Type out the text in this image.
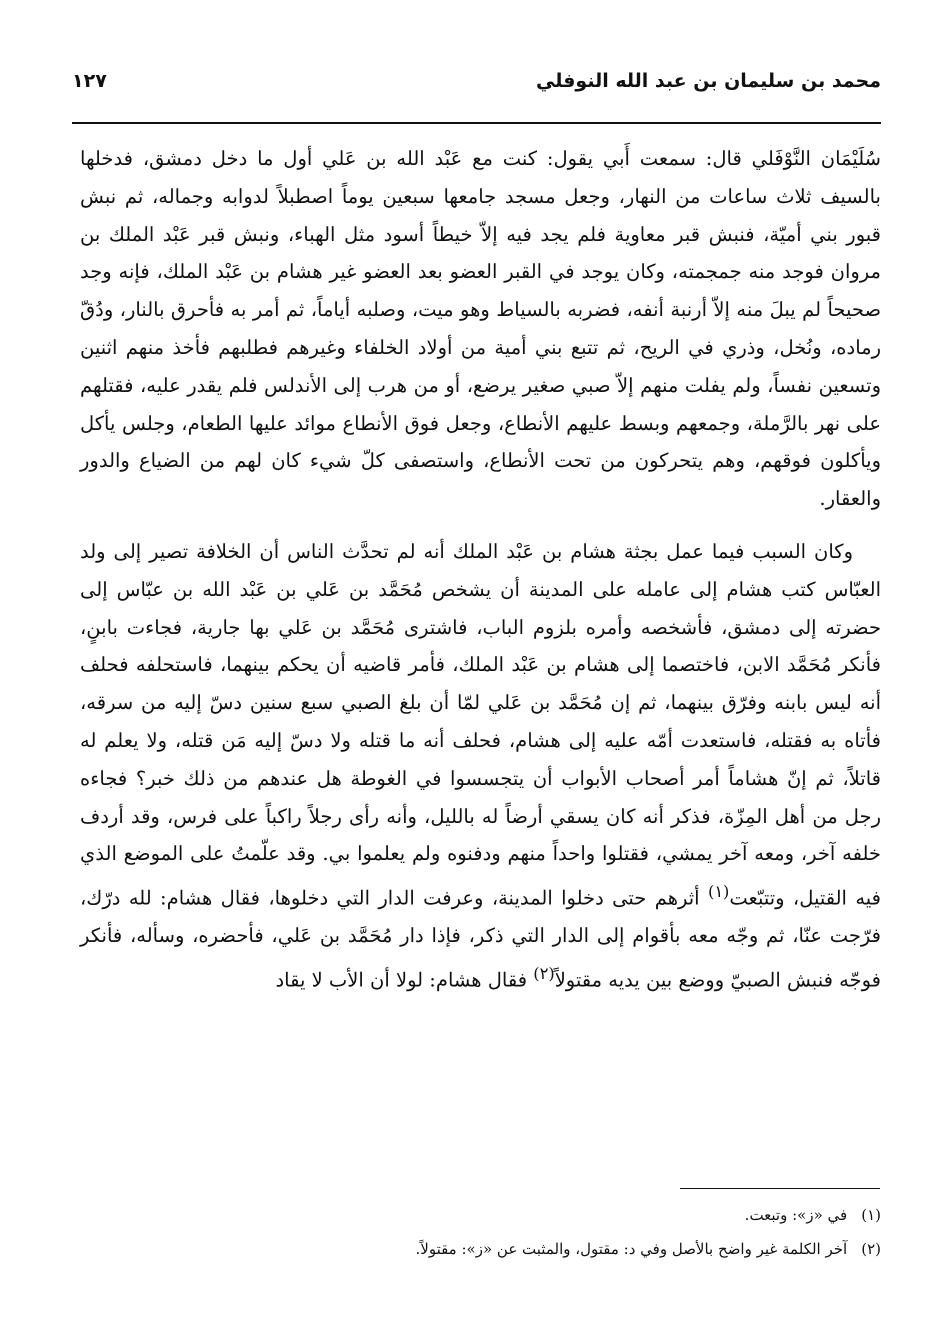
محمد بن سليمان بن عبد الله النوفلي
١٢٧

سُلَيْمَان النَّوْفَلي قال: سمعت أَبي يقول: كنت مع عَبْد الله بن عَلي أول ما دخل دمشق، فدخلها بالسيف ثلاث ساعات من النهار، وجعل مسجد جامعها سبعين يوماً اصطبلاً لدوابه وجماله، ثم نبش قبور بني أميّة، فنبش قبر معاوية فلم يجد فيه إلاّ خيطاً أسود مثل الهباء، ونبش قبر عَبْد الملك بن مروان فوجد منه جمجمته، وكان يوجد في القبر العضو بعد العضو غير هشام بن عَبْد الملك، فإنه وجد صحيحاً لم يبلَ منه إلاّ أرنبة أنفه، فضربه بالسياط وهو ميت، وصلبه أياماً، ثم أمر به فأحرق بالنار، ودُقّ رماده، ونُخل، وذري في الريح، ثم تتبع بني أمية من أولاد الخلفاء وغيرهم فطلبهم فأخذ منهم اثنين وتسعين نفساً، ولم يفلت منهم إلاّ صبي صغير يرضع، أو من هرب إلى الأندلس فلم يقدر عليه، فقتلهم على نهر بالرَّملة، وجمعهم وبسط عليهم الأنطاع، وجعل فوق الأنطاع موائد عليها الطعام، وجلس يأكل ويأكلون فوقهم، وهم يتحركون من تحت الأنطاع، واستصفى كلّ شيء كان لهم من الضياع والدور والعقار.

وكان السبب فيما عمل بجثة هشام بن عَبْد الملك أنه لم تحدَّث الناس أن الخلافة تصير إلى ولد العبّاس كتب هشام إلى عامله على المدينة أن يشخص مُحَمَّد بن عَلي بن عَبْد الله بن عبّاس إلى حضرته إلى دمشق، فأشخصه وأمره بلزوم الباب، فاشترى مُحَمَّد بن عَلي بها جارية، فجاءت بابنٍ، فأنكر مُحَمَّد الابن، فاختصما إلى هشام بن عَبْد الملك، فأمر قاضيه أن يحكم بينهما، فاستحلفه فحلف أنه ليس بابنه وفرّق بينهما، ثم إن مُحَمَّد بن عَلي لمّا أن بلغ الصبي سبع سنين دسّ إليه من سرقه، فأتاه به فقتله، فاستعدت أمّه عليه إلى هشام، فحلف أنه ما قتله ولا دسّ إليه مَن قتله، ولا يعلم له قاتلاً، ثم إنّ هشاماً أمر أصحاب الأبواب أن يتجسسوا في الغوطة هل عندهم من ذلك خبر؟ فجاءه رجل من أهل المِزّة، فذكر أنه كان يسقي أرضاً له بالليل، وأنه رأى رجلاً راكباً على فرس، وقد أردف خلفه آخر، ومعه آخر يمشي، فقتلوا واحداً منهم ودفنوه ولم يعلموا بي. وقد علّمتُ على الموضع الذي فيه القتيل، وتتبّعت$^{(١)}$ أثرهم حتى دخلوا المدينة، وعرفت الدار التي دخلوها، فقال هشام: لله درّك، فرّجت عنّا، ثم وجّه معه بأقوام إلى الدار التي ذكر، فإذا دار مُحَمَّد بن عَلي، فأحضره، وسأله، فأنكر فوجّه فنبش الصبيّ ووضع بين يديه مقتولاً$^{(٢)}$ فقال هشام: لولا أن الأب لا يقاد

(١)في «ز»: وتبعت.
(٢)آخر الكلمة غير واضح بالأصل وفي د: مقتول، والمثبت عن «ز»: مقتولاً.
